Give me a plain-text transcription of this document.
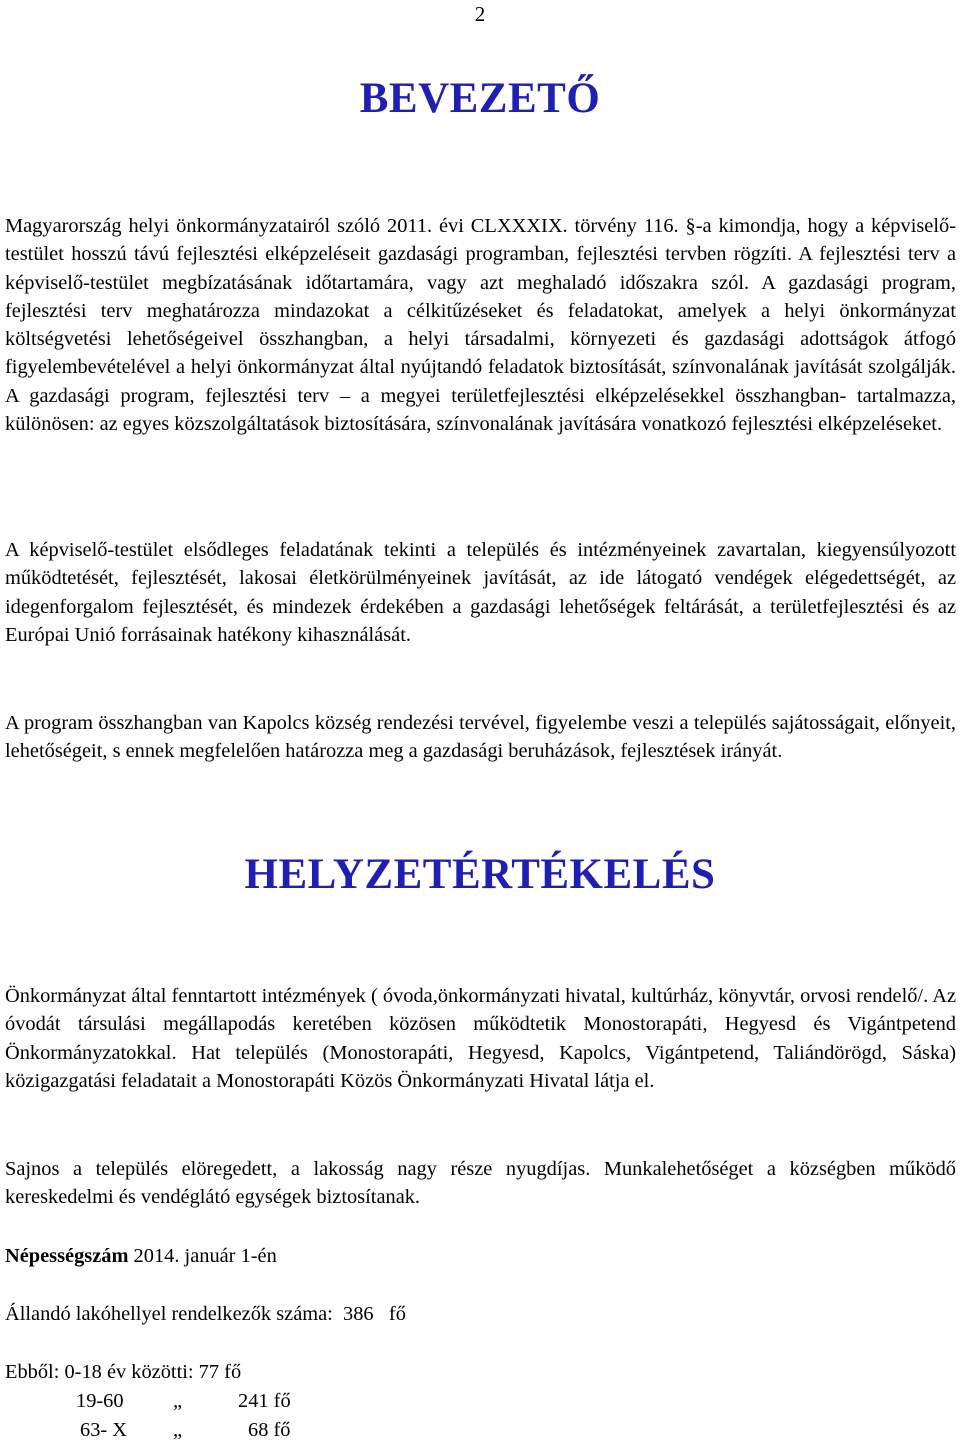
2
BEVEZETŐ

Magyarország helyi önkormányzatairól szóló 2011. évi CLXXXIX. törvény 116. §-a kimondja, hogy a képviselő-testület hosszú távú fejlesztési elképzeléseit gazdasági programban, fejlesztési tervben rögzíti. A fejlesztési terv a képviselő-testület megbízatásának időtartamára, vagy azt meghaladó időszakra szól. A gazdasági program, fejlesztési terv meghatározza mindazokat a célkitűzéseket és feladatokat, amelyek a helyi önkormányzat költségvetési lehetőségeivel összhangban, a helyi társadalmi, környezeti és gazdasági adottságok átfogó figyelembevételével a helyi önkormányzat által nyújtandó feladatok biztosítását, színvonalának javítását szolgálják. A gazdasági program, fejlesztési terv – a megyei területfejlesztési elképzelésekkel összhangban- tartalmazza, különösen: az egyes közszolgáltatások biztosítására, színvonalának javítására vonatkozó fejlesztési elképzeléseket.

A képviselő-testület elsődleges feladatának tekinti a település és intézményeinek zavartalan, kiegyensúlyozott működtetését, fejlesztését, lakosai életkörülményeinek javítását, az ide látogató vendégek elégedettségét, az idegenforgalom fejlesztését, és mindezek érdekében a gazdasági lehetőségek feltárását, a területfejlesztési és az Európai Unió forrásainak hatékony kihasználását.

A program összhangban van Kapolcs község rendezési tervével, figyelembe veszi a település sajátosságait, előnyeit, lehetőségeit, s ennek megfelelően határozza meg a gazdasági beruházások, fejlesztések irányát.

HELYZETÉRTÉKELÉS

Önkormányzat által fenntartott intézmények ( óvoda,önkormányzati hivatal, kultúrház, könyvtár, orvosi rendelő/. Az óvodát társulási megállapodás keretében közösen működtetik Monostorapáti, Hegyesd és Vigántpetend Önkormányzatokkal. Hat település (Monostorapáti, Hegyesd, Kapolcs, Vigántpetend, Taliándörögd, Sáska) közigazgatási feladatait a Monostorapáti Közös Önkormányzati Hivatal látja el.

Sajnos a település elöregedett, a lakosság nagy része nyugdíjas. Munkalehetőséget a községben működő kereskedelmi és vendéglátó egységek biztosítanak.

Népességszám 2014. január 1-én
Állandó lakóhellyel rendelkezők száma:  386   fő
Ebből: 0-18 év közötti: 77 fő
19-60 „	241 fő
63- X „	68 fő
